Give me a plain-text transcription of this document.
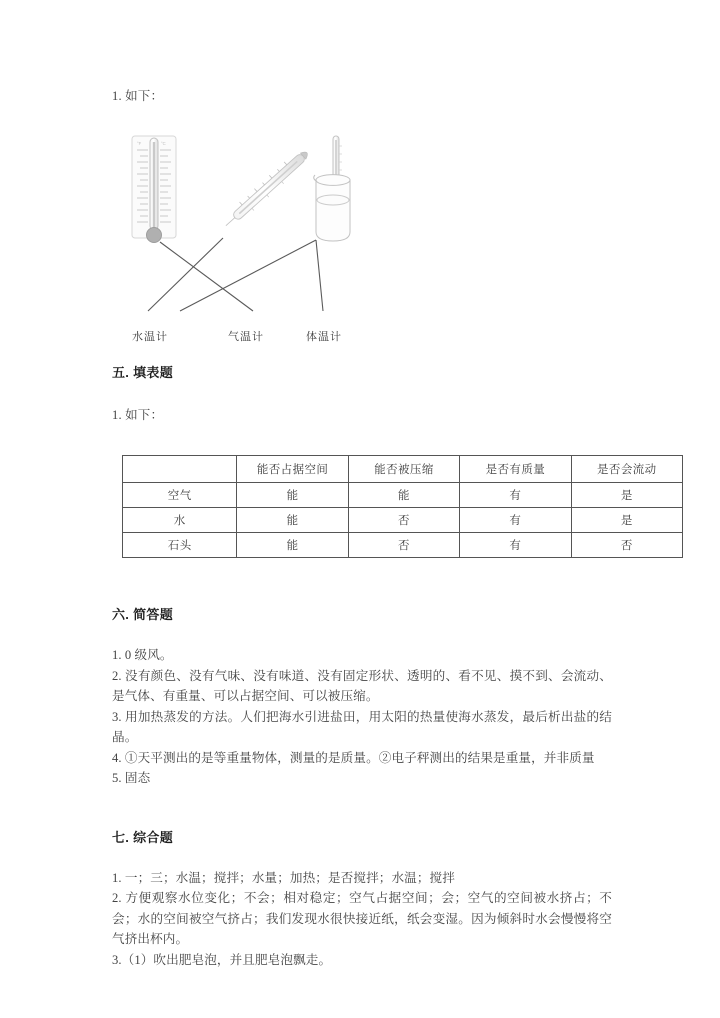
1. 如下：

°F	°C
水温计	气温计	体温计

五. 填表题

1. 如下：

	能否占据空间	能否被压缩	是否有质量	是否会流动
空气	能	能	有	是
水	能	否	有	是
石头	能	否	有	否

六. 简答题

1. 0 级风。

2. 没有颜色、没有气味、没有味道、没有固定形状、透明的、看不见、摸不到、会流动、是气体、有重量、可以占据空间、可以被压缩。

3. 用加热蒸发的方法。人们把海水引进盐田，用太阳的热量使海水蒸发，最后析出盐的结晶。

4. ①天平测出的是等重量物体，测量的是质量。②电子秤测出的结果是重量，并非质量

5. 固态

七. 综合题

1. 一；三；水温；搅拌；水量；加热；是否搅拌；水温；搅拌

2. 方便观察水位变化；不会；相对稳定；空气占据空间；会；空气的空间被水挤占；不会；水的空间被空气挤占；我们发现水很快接近纸，纸会变湿。因为倾斜时水会慢慢将空气挤出杯内。

3.（1）吹出肥皂泡，并且肥皂泡飘走。
